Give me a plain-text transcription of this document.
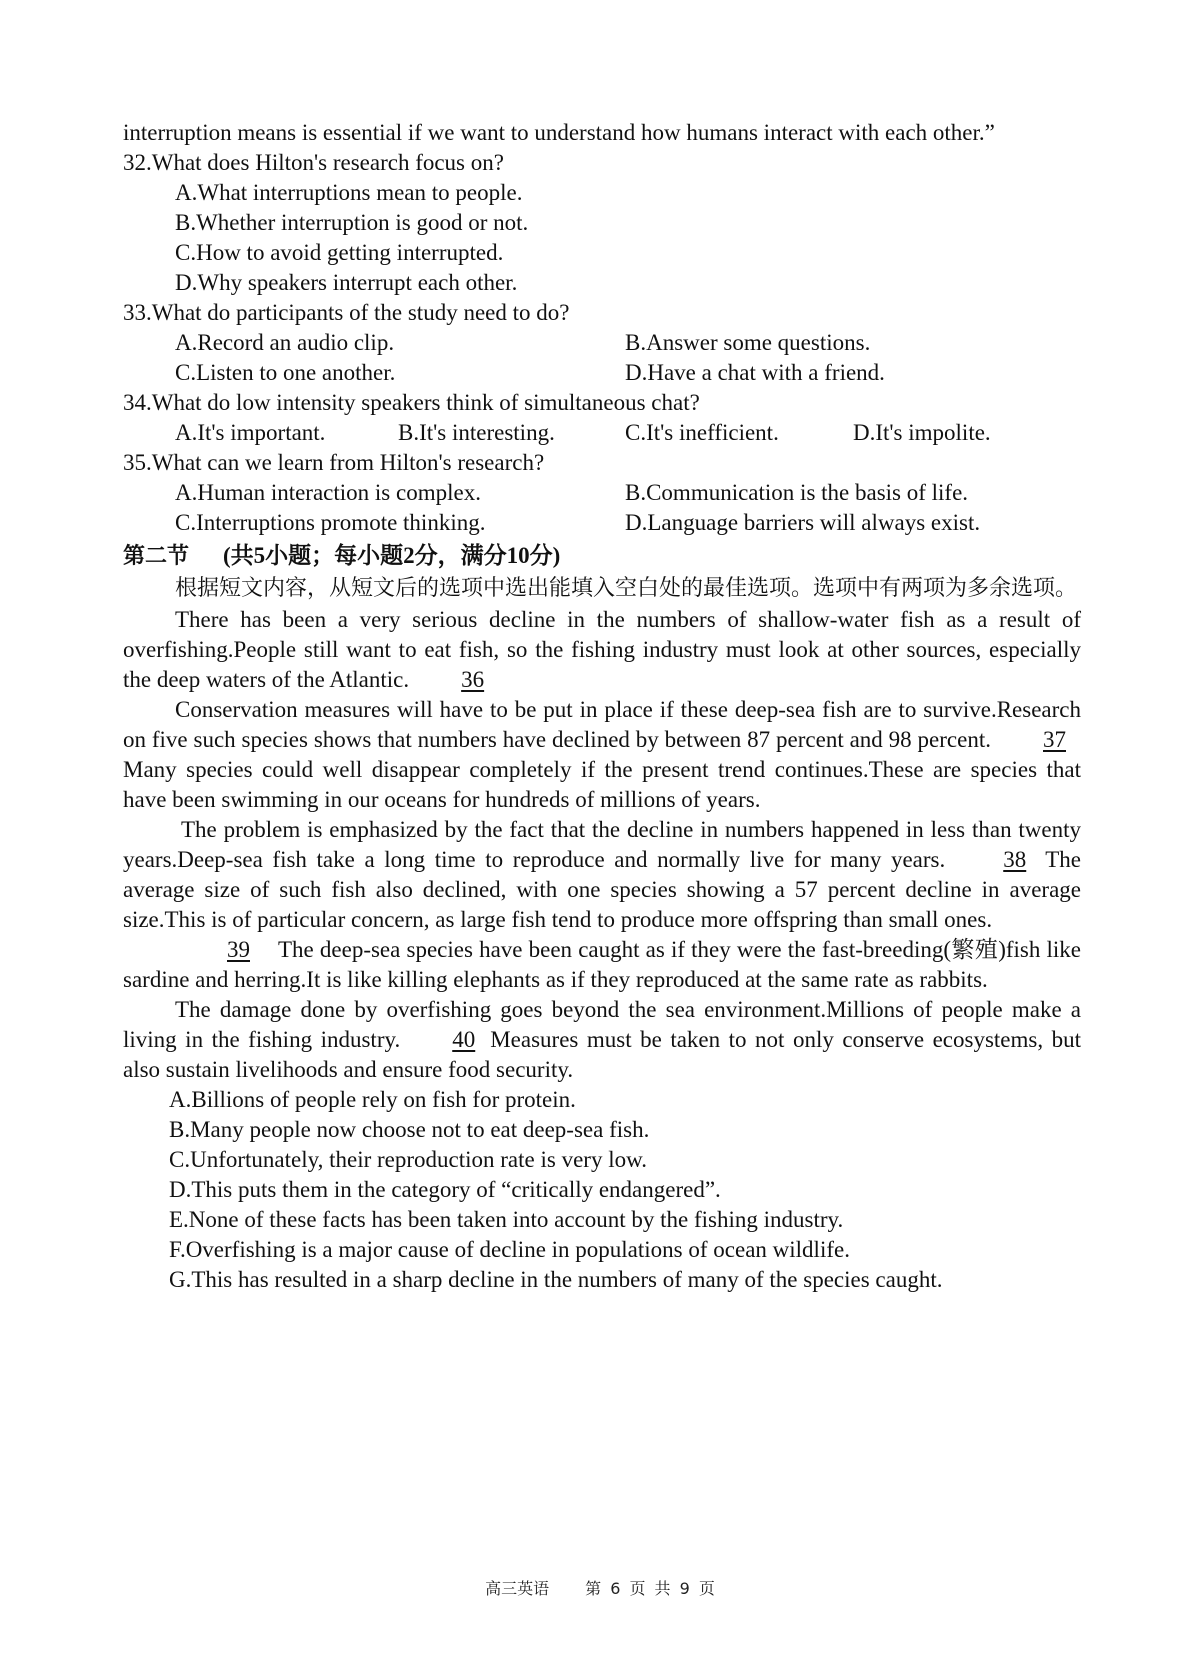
interruption means is essential if we want to understand how humans interact with each other.”

32.What does Hilton's research focus on?

A.What interruptions mean to people.

B.Whether interruption is good or not.

C.How to avoid getting interrupted.

D.Why speakers interrupt each other.

33.What do participants of the study need to do?

A.Record an audio clip.	B.Answer some questions.
C.Listen to one another.	D.Have a chat with a friend.

34.What do low intensity speakers think of simultaneous chat?

A.It's important.	B.It's interesting.	C.It's inefficient.	D.It's impolite.

35.What can we learn from Hilton's research?

A.Human interaction is complex.	B.Communication is the basis of life.
C.Interruptions promote thinking.	D.Language barriers will always exist.

第二节 (共5小题；每小题2分，满分10分)

根据短文内容，从短文后的选项中选出能填入空白处的最佳选项。选项中有两项为多余选项。

There has been a very serious decline in the numbers of shallow-water fish as a result of overfishing.People still want to eat fish, so the fishing industry must look at other sources, especially the deep waters of the Atlantic. 36

Conservation measures will have to be put in place if these deep-sea fish are to survive.Research on five such species shows that numbers have declined by between 87 percent and 98 percent. 37Many species could well disappear completely if the present trend continues.These are species that have been swimming in our oceans for hundreds of millions of years.

The problem is emphasized by the fact that the decline in numbers happened in less than twenty years.Deep-sea fish take a long time to reproduce and normally live for many years.	38 The average size of such fish also declined, with one species showing a 57 percent decline in average size.This is of particular concern, as large fish tend to produce more offspring than small ones.

39 The deep-sea species have been caught as if they were the fast-breeding(繁殖)fish like sardine and herring.It is like killing elephants as if they reproduced at the same rate as rabbits.

The damage done by overfishing goes beyond the sea environment.Millions of people make a living in the fishing industry. 40 Measures must be taken to not only conserve ecosystems, but also sustain livelihoods and ensure food security.

A.Billions of people rely on fish for protein.

B.Many people now choose not to eat deep-sea fish.

C.Unfortunately, their reproduction rate is very low.

D.This puts them in the category of “critically endangered”.

E.None of these facts has been taken into account by the fishing industry.

F.Overfishing is a major cause of decline in populations of ocean wildlife.

G.This has resulted in a sharp decline in the numbers of many of the species caught.

高三英语 第 6 页 共 9 页
